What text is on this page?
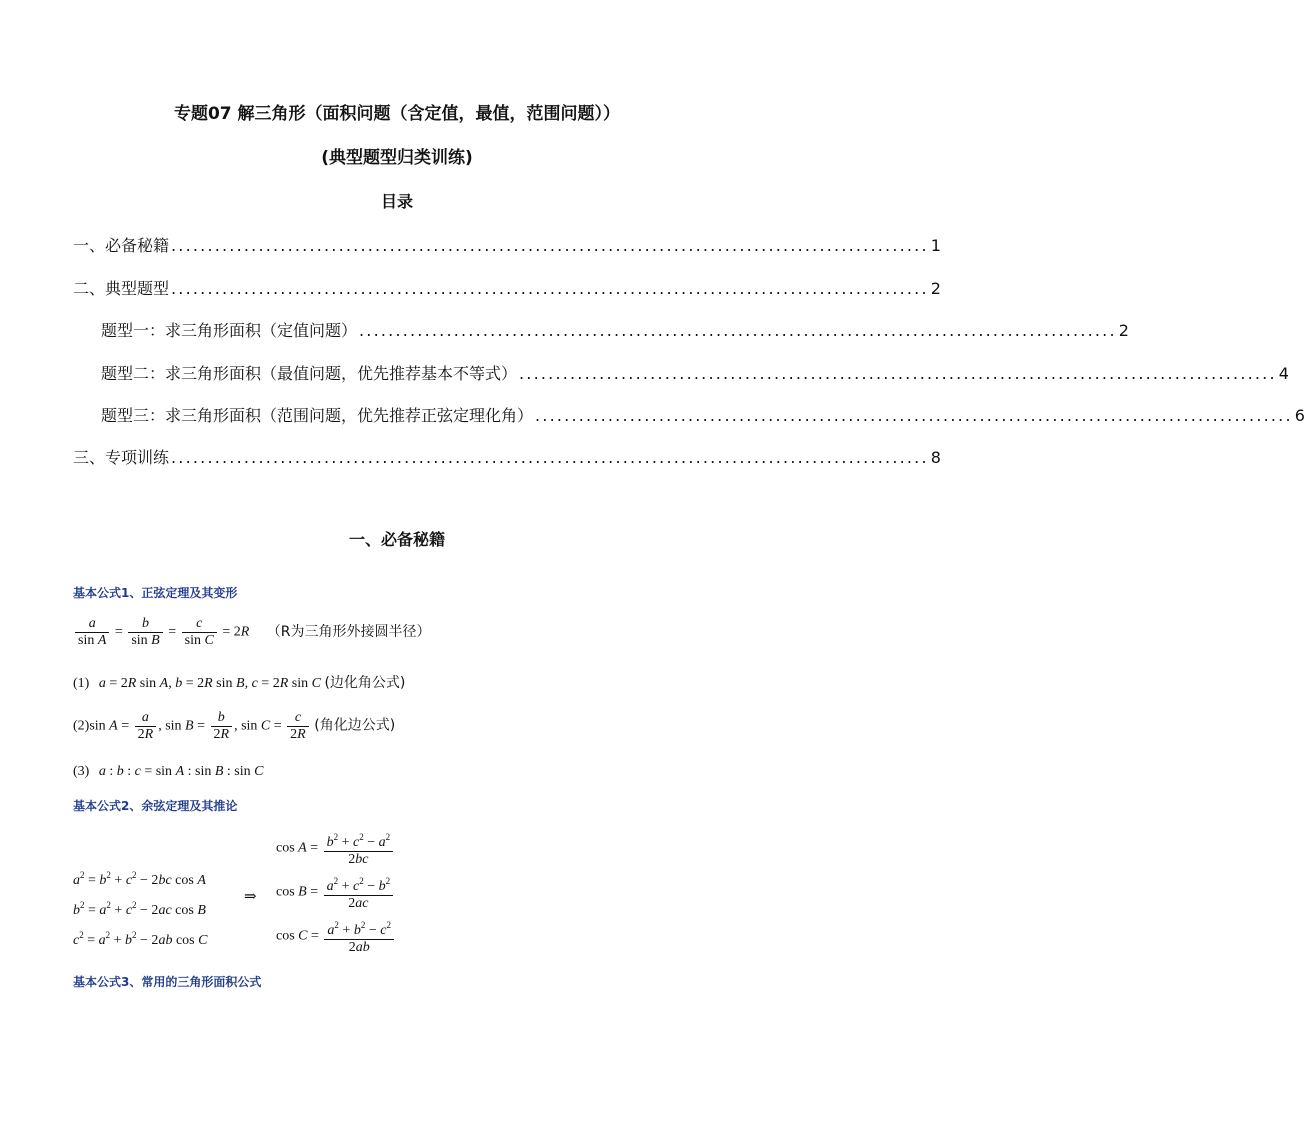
专题07 解三角形（面积问题（含定值，最值，范围问题））
(典型题型归类训练)
目录
一、必备秘籍 ........................................................................................................ 1
二、典型题型 ........................................................................................................ 2
题型一：求三角形面积（定值问题） ........................................................................................................ 2
题型二：求三角形面积（最值问题，优先推荐基本不等式） ........................................................................................................ 4
题型三：求三角形面积（范围问题，优先推荐正弦定理化角） ........................................................................................................ 6
三、专项训练 ........................................................................................................ 8
一、必备秘籍
基本公式1、正弦定理及其变形
$\frac{a}{\text{sin A}} = \frac{b}{\text{sin B}} = \frac{c}{\text{sin C}} = 2R$ （R为三角形外接圆半径）
(1) a = 2R sin A, b = 2R sin B, c = 2R sin C (边化角公式)
(2)sin $A = \frac{a}{2R}$ , $\sin B = \frac{b}{2R}$ , $\sin C = \frac{c}{2R}$ (角化边公式)
(3) a : b : c = sin A : sin B : sin C
基本公式2、余弦定理及其推论
$a^2 = b^2 + c^2 - 2bc$ cos A
$b^2 = a^2 + c^2 - 2ac$ cos B
$c^2 = a^2 + b^2 - 2ab$ cos C
⇒
$\cos A = \frac{b^2 + c^2 - a^2}{2bc}$
$\cos B = \frac{a^2 + c^2 - b^2}{2ac}$
$\cos C = \frac{a^2 + b^2 - c^2}{2ab}$
基本公式3、常用的三角形面积公式
